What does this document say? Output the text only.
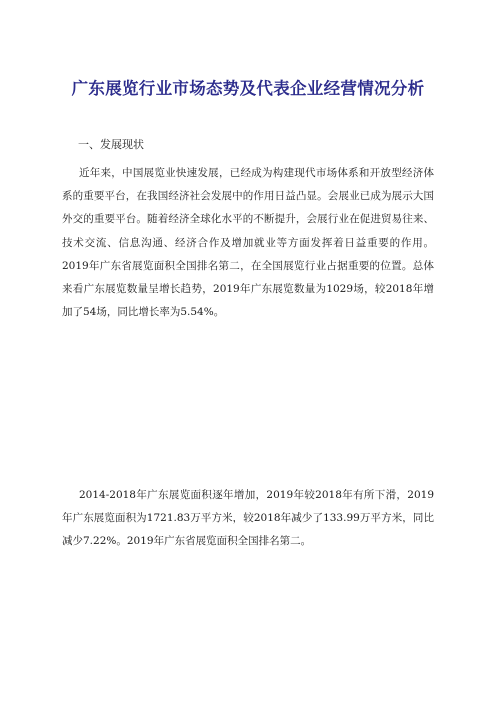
广东展览行业市场态势及代表企业经营情况分析
一、发展现状
近年来，中国展览业快速发展，已经成为构建现代市场体系和开放型经济体系的重要平台，在我国经济社会发展中的作用日益凸显。会展业已成为展示大国外交的重要平台。随着经济全球化水平的不断提升，会展行业在促进贸易往来、技术交流、信息沟通、经济合作及增加就业等方面发挥着日益重要的作用。2019年广东省展览面积全国排名第二，在全国展览行业占据重要的位置。总体来看广东展览数量呈增长趋势，2019年广东展览数量为1029场，较2018年增加了54场，同比增长率为5.54%。
2014-2018年广东展览面积逐年增加，2019年较2018年有所下滑，2019年广东展览面积为1721.83万平方米，较2018年减少了133.99万平方米，同比减少7.22%。2019年广东省展览面积全国排名第二。
